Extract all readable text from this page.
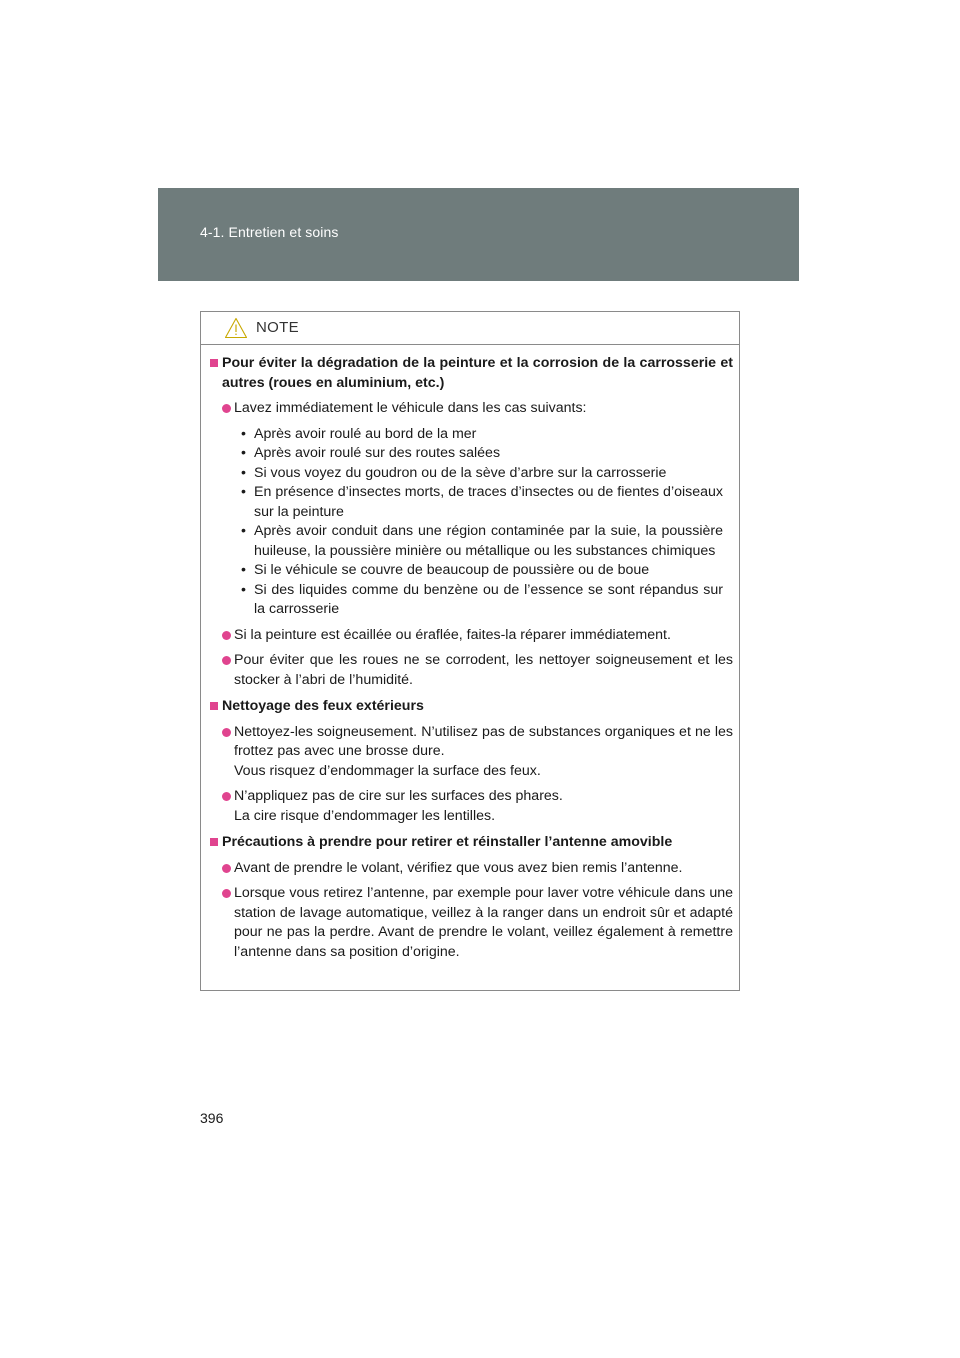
4-1. Entretien et soins
NOTE
Pour éviter la dégradation de la peinture et la corrosion de la carrosserie et autres (roues en aluminium, etc.)
Lavez immédiatement le véhicule dans les cas suivants:
• Après avoir roulé au bord de la mer
• Après avoir roulé sur des routes salées
• Si vous voyez du goudron ou de la sève d’arbre sur la carrosserie
• En présence d’insectes morts, de traces d’insectes ou de fientes d’oiseaux sur la peinture
• Après avoir conduit dans une région contaminée par la suie, la poussière huileuse, la poussière minière ou métallique ou les substances chimiques
• Si le véhicule se couvre de beaucoup de poussière ou de boue
• Si des liquides comme du benzène ou de l’essence se sont répandus sur la carrosserie
Si la peinture est écaillée ou éraflée, faites-la réparer immédiatement.
Pour éviter que les roues ne se corrodent, les nettoyer soigneusement et les stocker à l’abri de l’humidité.
Nettoyage des feux extérieurs
Nettoyez-les soigneusement. N’utilisez pas de substances organiques et ne les frottez pas avec une brosse dure.
Vous risquez d’endommager la surface des feux.
N’appliquez pas de cire sur les surfaces des phares.
La cire risque d’endommager les lentilles.
Précautions à prendre pour retirer et réinstaller l’antenne amovible
Avant de prendre le volant, vérifiez que vous avez bien remis l’antenne.
Lorsque vous retirez l’antenne, par exemple pour laver votre véhicule dans une station de lavage automatique, veillez à la ranger dans un endroit sûr et adapté pour ne pas la perdre. Avant de prendre le volant, veillez également à remettre l’antenne dans sa position d’origine.
396
